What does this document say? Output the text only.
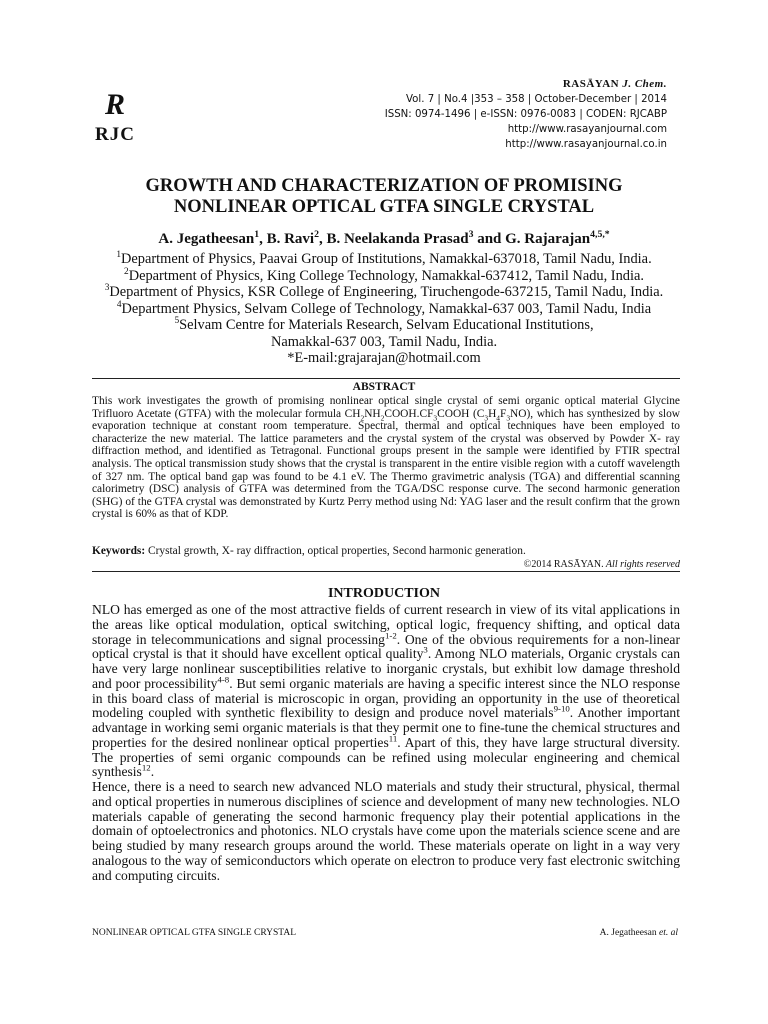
R
RJC
RASĀYAN J. Chem.
Vol. 7 | No.4 |353 – 358 | October-December | 2014
ISSN: 0974-1496 | e-ISSN: 0976-0083 | CODEN: RJCABP
http://www.rasayanjournal.com
http://www.rasayanjournal.co.in
GROWTH AND CHARACTERIZATION OF PROMISING
NONLINEAR OPTICAL GTFA SINGLE CRYSTAL
A. Jegatheesan$^1$, B. Ravi$^2$, B. Neelakanda Prasad$^3$ and G. Rajarajan$^{4,5,*}$
$^1$Department of Physics, Paavai Group of Institutions, Namakkal-637018, Tamil Nadu, India.
$^2$Department of Physics, King College Technology, Namakkal-637412, Tamil Nadu, India.
$^3$Department of Physics, KSR College of Engineering, Tiruchengode-637215, Tamil Nadu, India.
$^4$Department Physics, Selvam College of Technology, Namakkal-637 003, Tamil Nadu, India
$^5$Selvam Centre for Materials Research, Selvam Educational Institutions,
Namakkal-637 003, Tamil Nadu, India.
*E-mail:grajarajan@hotmail.com
ABSTRACT
This work investigates the growth of promising nonlinear optical single crystal of semi organic optical material Glycine Trifluoro Acetate (GTFA) with the molecular formula $CH_2NH_2COOH.CF_3COOH$ $(C_3H_4F_3NO)$, which has synthesized by slow evaporation technique at constant room temperature. Spectral, thermal and optical techniques have been employed to characterize the new material. The lattice parameters and the crystal system of the crystal was observed by Powder X- ray diffraction method, and identified as Tetragonal. Functional groups present in the sample were identified by FTIR spectral analysis. The optical transmission study shows that the crystal is transparent in the entire visible region with a cutoff wavelength of 327 nm. The optical band gap was found to be 4.1 eV. The Thermo gravimetric analysis (TGA) and differential scanning calorimetry (DSC) analysis of GTFA was determined from the TGA/DSC response curve. The second harmonic generation (SHG) of the GTFA crystal was demonstrated by Kurtz Perry method using Nd: YAG laser and the result confirm that the grown crystal is 60% as that of KDP.
Keywords: Crystal growth, X- ray diffraction, optical properties, Second harmonic generation.
©2014 RASĀYAN. All rights reserved
INTRODUCTION

NLO has emerged as one of the most attractive fields of current research in view of its vital applications in the areas like optical modulation, optical switching, optical logic, frequency shifting, and optical data storage in telecommunications and signal processing$^{1-2}$. One of the obvious requirements for a non-linear optical crystal is that it should have excellent optical quality$^3$. Among NLO materials, Organic crystals can have very large nonlinear susceptibilities relative to inorganic crystals, but exhibit low damage threshold and poor processibility$^{4-8}$. But semi organic materials are having a specific interest since the NLO response in this board class of material is microscopic in organ, providing an opportunity in the use of theoretical modeling coupled with synthetic flexibility to design and produce novel materials$^{9-10}$. Another important advantage in working semi organic materials is that they permit one to fine-tune the chemical structures and properties for the desired nonlinear optical properties$^{11}$. Apart of this, they have large structural diversity. The properties of semi organic compounds can be refined using molecular engineering and chemical synthesis$^{12}$.

Hence, there is a need to search new advanced NLO materials and study their structural, physical, thermal and optical properties in numerous disciplines of science and development of many new technologies. NLO materials capable of generating the second harmonic frequency play their potential applications in the domain of optoelectronics and photonics. NLO crystals have come upon the materials science scene and are being studied by many research groups around the world. These materials operate on light in a way very analogous to the way of semiconductors which operate on electron to produce very fast electronic switching and computing circuits.

NONLINEAR OPTICAL GTFA SINGLE CRYSTAL	A. Jegatheesan et. al
